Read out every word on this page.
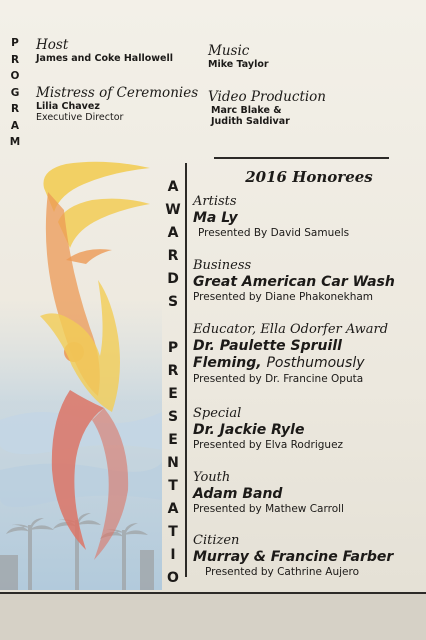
P
R
O
G
R
A
M
Host
James and Coke Hallowell
Mistress of Ceremonies
Lilia Chavez
Executive Director
Music
Mike Taylor
Video Production
Marc Blake &
Judith Saldivar
A
W
A
R
D
S
P
R
E
S
E
N
T
A
T
I
O
2016 Honorees
Artists
Ma Ly
Presented By David Samuels
Business
Great American Car Wash
Presented by Diane Phakonekham
Educator, Ella Odorfer Award
Dr. Paulette Spruill
Fleming, Posthumously
Presented by Dr. Francine Oputa
Special
Dr. Jackie Ryle
Presented by Elva Rodriguez
Youth
Adam Band
Presented by Mathew Carroll
Citizen
Murray & Francine Farber
Presented by Cathrine Aujero
